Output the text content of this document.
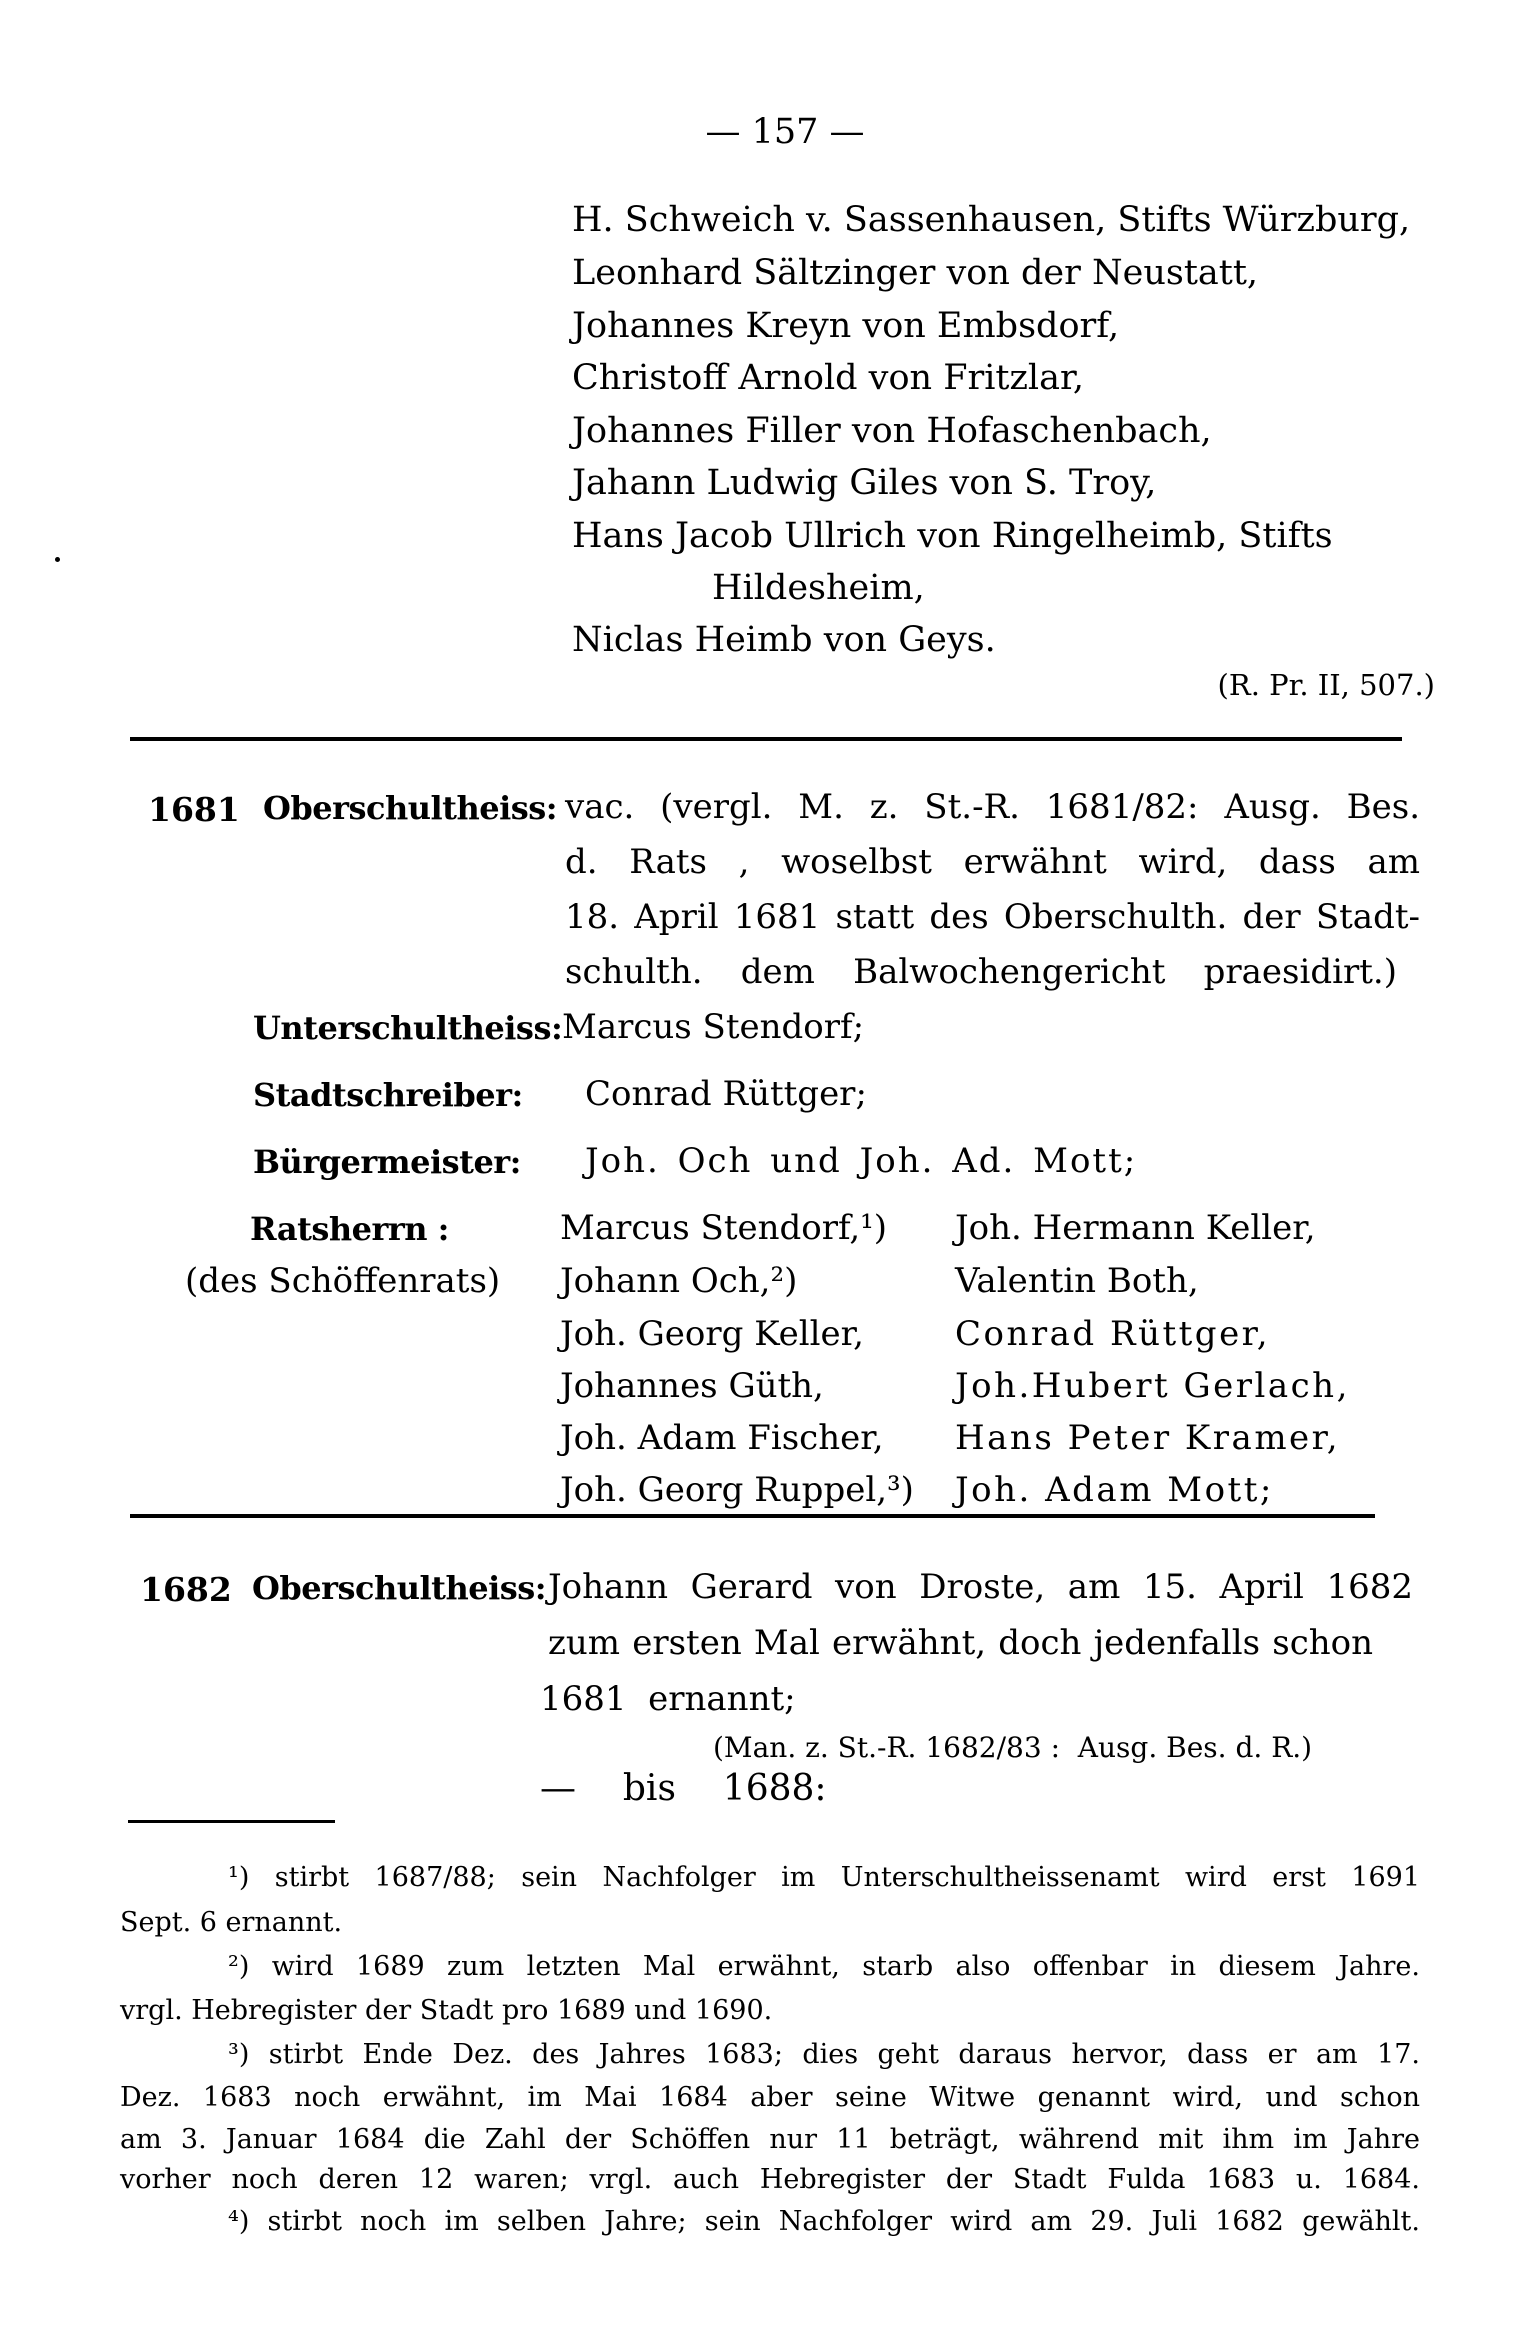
— 157 —
H. Schweich v. Sassenhausen, Stifts Würzburg,
Leonhard Sältzinger von der Neustatt,
Johannes Kreyn von Embsdorf,
Christoff Arnold von Fritzlar,
Johannes Filler von Hofaschenbach,
Jahann Ludwig Giles von S. Troy,
Hans Jacob Ullrich von Ringelheimb, Stifts
Hildesheim,
Niclas Heimb von Geys.
(R. Pr. II, 507.)
1681 Oberschultheiss: vac. (vergl. M. z. St.-R. 1681/82: Ausg. Bes.
d. Rats , woselbst erwähnt wird, dass am
18. April 1681 statt des Oberschulth. der Stadt-
schulth. dem Balwochengericht praesidirt.)
Unterschultheiss: Marcus Stendorf;
Stadtschreiber: Conrad Rüttger;
Bürgermeister: Joh. Och und Joh. Ad. Mott;
Ratsherrn :
(des Schöffenrats)
Marcus Stendorf,¹)
Johann Och,²)
Joh. Georg Keller,
Johannes Güth,
Joh. Adam Fischer,
Joh. Georg Ruppel,³)
Joh. Hermann Keller,
Valentin Both,
Conrad Rüttger,
Joh.Hubert Gerlach,
Hans Peter Kramer,
Joh. Adam Mott;
1682 Oberschultheiss: Johann Gerard von Droste, am 15. April 1682
zum ersten Mal erwähnt, doch jedenfalls schon
1681  ernannt;
(Man. z. St.-R. 1682/83 :  Ausg. Bes. d. R.)
—  bis  1688:
¹) stirbt 1687/88; sein Nachfolger im Unterschultheissenamt wird erst 1691
Sept. 6 ernannt.
²) wird 1689 zum letzten Mal erwähnt, starb also offenbar in diesem Jahre.
vrgl. Hebregister der Stadt pro 1689 und 1690.
³) stirbt Ende Dez. des Jahres 1683; dies geht daraus hervor, dass er am 17.
Dez. 1683 noch erwähnt, im Mai 1684 aber seine Witwe genannt wird, und schon
am 3. Januar 1684 die Zahl der Schöffen nur 11 beträgt, während mit ihm im Jahre
vorher noch deren 12 waren; vrgl. auch Hebregister der Stadt Fulda 1683 u. 1684.
⁴) stirbt noch im selben Jahre; sein Nachfolger wird am 29. Juli 1682 gewählt.
